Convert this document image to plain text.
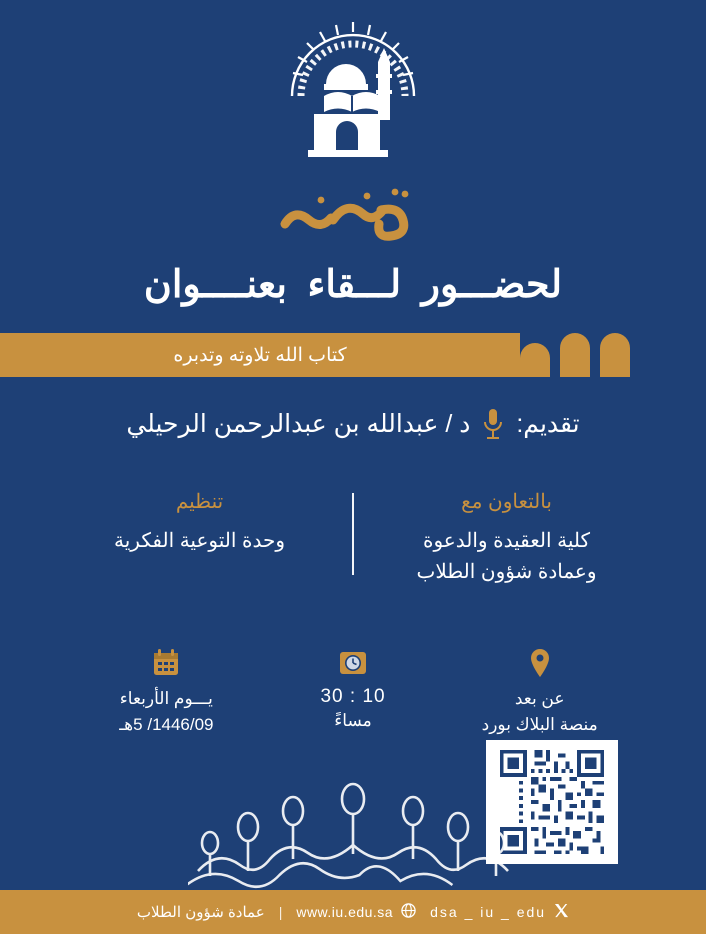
لحضـــور لـــقاء بعنــــوان
كتاب الله تلاوته وتدبره
تقديم:
د / عبدالله بن عبدالرحمن الرحيلي
بالتعاون مع
كلية العقيدة والدعوة
وعمادة شؤون الطلاب
تنظيم
وحدة التوعية الفكرية
عن بعد
منصة البلاك بورد
10 : 30
مساءً
يـــوم الأربعاء
1446/09/ 5هـ
dsa _ iu _ edu
www.iu.edu.sa
|
عمادة شؤون الطلاب
